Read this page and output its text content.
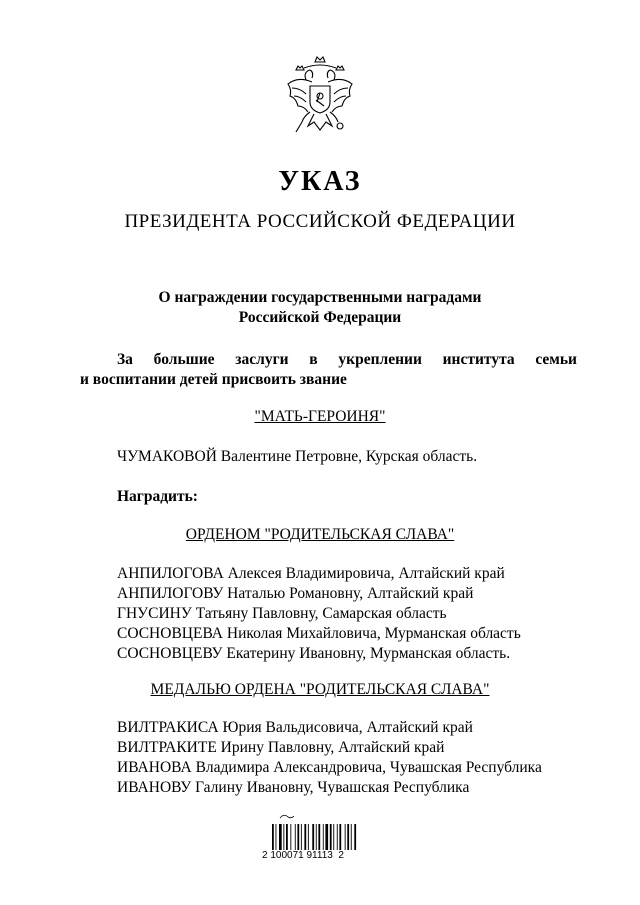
УКАЗ
ПРЕЗИДЕНТА РОССИЙСКОЙ ФЕДЕРАЦИИ
О награждении государственными наградами
Российской Федерации
За большие заслуги в укреплении института семьи
и воспитании детей присвоить звание
"МАТЬ-ГЕРОИНЯ"
ЧУМАКОВОЙ Валентине Петровне, Курская область.
Наградить:
ОРДЕНОМ "РОДИТЕЛЬСКАЯ СЛАВА"
АНПИЛОГОВА Алексея Владимировича, Алтайский край
АНПИЛОГОВУ Наталью Романовну, Алтайский край
ГНУСИНУ Татьяну Павловну, Самарская область
СОСНОВЦЕВА Николая Михайловича, Мурманская область
СОСНОВЦЕВУ Екатерину Ивановну, Мурманская область.
МЕДАЛЬЮ ОРДЕНА "РОДИТЕЛЬСКАЯ СЛАВА"
ВИЛТРАКИСА Юрия Вальдисовича, Алтайский край
ВИЛТРАКИТЕ Ирину Павловну, Алтайский край
ИВАНОВА Владимира Александровича, Чувашская Республика
ИВАНОВУ Галину Ивановну, Чувашская Республика
2 100071 91113  2
